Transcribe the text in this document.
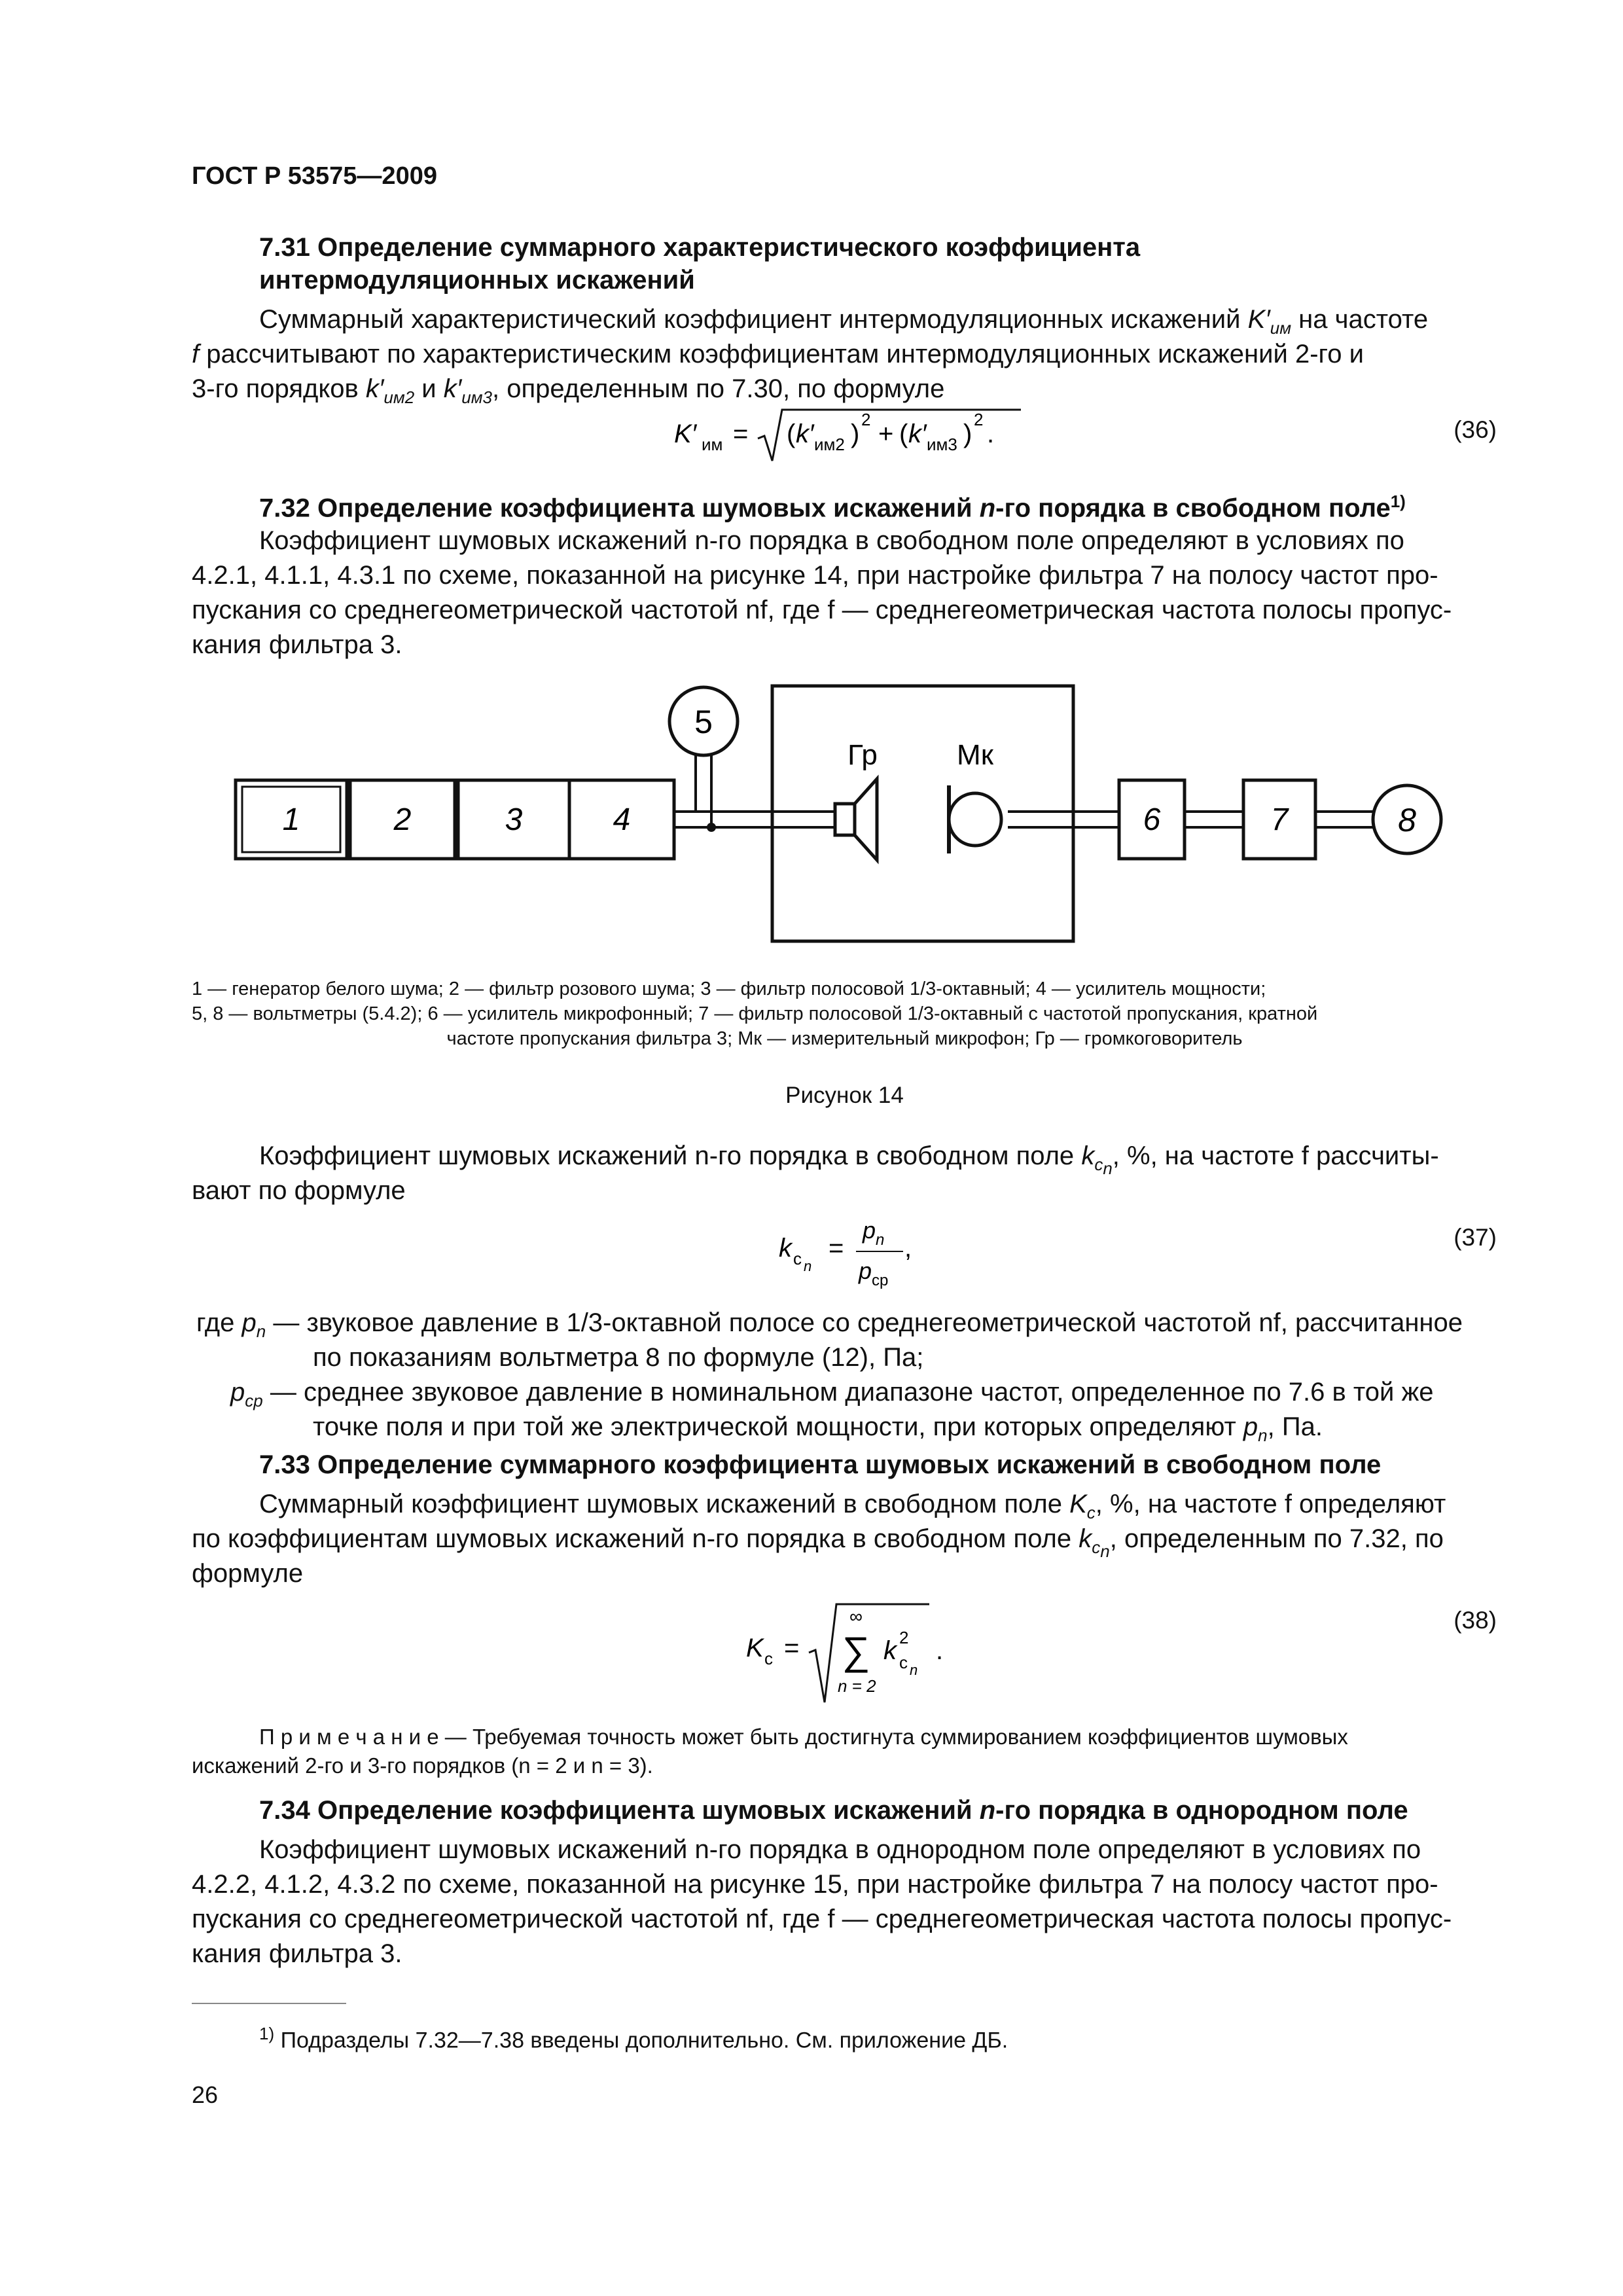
ГОСТ Р 53575—2009
7.31 Определение суммарного характеристического коэффициента
интермодуляционных искажений
Суммарный характеристический коэффициент интермодуляционных искажений $K'_{им}$ на частоте
f рассчитывают по характеристическим коэффициентам интермодуляционных искажений 2-го и
3-го порядков $k'_{им2}$ и $k'_{им3}$, определенным по 7.30, по формуле
K′ им = ( k′ им2 ) 2 + ( k′ им3 ) 2 .	(36)
7.32 Определение коэффициента шумовых искажений n-го порядка в свободном поле$^{1)}$
Коэффициент шумовых искажений n-го порядка в свободном поле определяют в условиях по
4.2.1, 4.1.1, 4.3.1 по схеме, показанной на рисунке 14, при настройке фильтра 7 на полосу частот про-
пускания со среднегеометрической частотой nf, где f — среднегеометрическая частота полосы пропус-
кания фильтра 3.
1	2	3	4
5
Гр	Мк
6	7	8
1 — генератор белого шума; 2 — фильтр розового шума; 3 — фильтр полосовой 1/3-октавный; 4 — усилитель мощности;
5, 8 — вольтметры (5.4.2); 6 — усилитель микрофонный; 7 — фильтр полосовой 1/3-октавный с частотой пропускания, кратной
частоте пропускания фильтра 3; Мк — измерительный микрофон; Гр — громкоговоритель
Рисунок 14
Коэффициент шумовых искажений n-го порядка в свободном поле $k_{c_n}$, %, на частоте f рассчиты-
вают по формуле
k c n
=
p n
p ср
,	(37)
где $p_n$ — звуковое давление в 1/3-октавной полосе со среднегеометрической частотой nf, рассчитанное
по показаниям вольтметра 8 по формуле (12), Па;
$p_{ср}$ — среднее звуковое давление в номинальном диапазоне частот, определенное по 7.6 в той же
точке поля и при той же электрической мощности, при которых определяют $p_n$, Па.
7.33 Определение суммарного коэффициента шумовых искажений в свободном поле
Суммарный коэффициент шумовых искажений в свободном поле $K_c$, %, на частоте f определяют
по коэффициентам шумовых искажений n-го порядка в свободном поле $k_{c_n}$, определенным по 7.32, по
формуле
K c =
∞
∑
n = 2
k 2
c n
.
(38)
П р и м е ч а н и е — Требуемая точность может быть достигнута суммированием коэффициентов шумовых
искажений 2-го и 3-го порядков (n = 2 и n = 3).
7.34 Определение коэффициента шумовых искажений n-го порядка в однородном поле
Коэффициент шумовых искажений n-го порядка в однородном поле определяют в условиях по
4.2.2, 4.1.2, 4.3.2 по схеме, показанной на рисунке 15, при настройке фильтра 7 на полосу частот про-
пускания со среднегеометрической частотой nf, где f — среднегеометрическая частота полосы пропус-
кания фильтра 3.
$^{1)}$ Подразделы 7.32—7.38 введены дополнительно. См. приложение ДБ.
26
